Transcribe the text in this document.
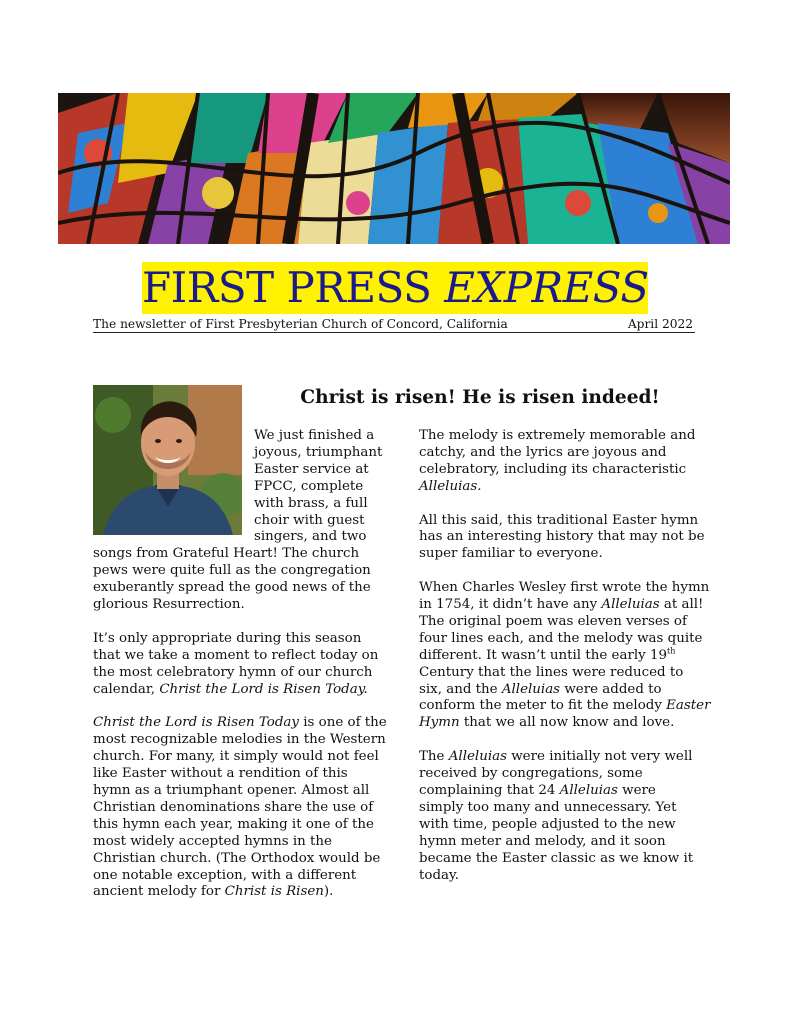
FIRST PRESS EXPRESS
The newsletter of First Presbyterian Church of Concord, California	April 2022
Christ is risen! He is risen indeed!

We just finished a
joyous, triumphant
Easter service at
FPCC, complete
with brass, a full
choir with guest
singers, and two
songs from Grateful Heart! The church
pews were quite full as the congregation
exuberantly spread the good news of the
glorious Resurrection.

It’s only appropriate during this season
that we take a moment to reflect today on
the most celebratory hymn of our church
calendar, Christ the Lord is Risen Today.

Christ the Lord is Risen Today is one of the
most recognizable melodies in the Western
church. For many, it simply would not feel
like Easter without a rendition of this
hymn as a triumphant opener. Almost all
Christian denominations share the use of
this hymn each year, making it one of the
most widely accepted hymns in the
Christian church. (The Orthodox would be
one notable exception, with a different
ancient melody for Christ is Risen).

The melody is extremely memorable and
catchy, and the lyrics are joyous and
celebratory, including its characteristic
Alleluias.

All this said, this traditional Easter hymn
has an interesting history that may not be
super familiar to everyone.

When Charles Wesley first wrote the hymn
in 1754, it didn’t have any Alleluias at all!
The original poem was eleven verses of
four lines each, and the melody was quite
different. It wasn’t until the early 19th
Century that the lines were reduced to
six, and the Alleluias were added to
conform the meter to fit the melody Easter
Hymn that we all now know and love.

The Alleluias were initially not very well
received by congregations, some
complaining that 24 Alleluias were
simply too many and unnecessary. Yet
with time, people adjusted to the new
hymn meter and melody, and it soon
became the Easter classic as we know it
today.
